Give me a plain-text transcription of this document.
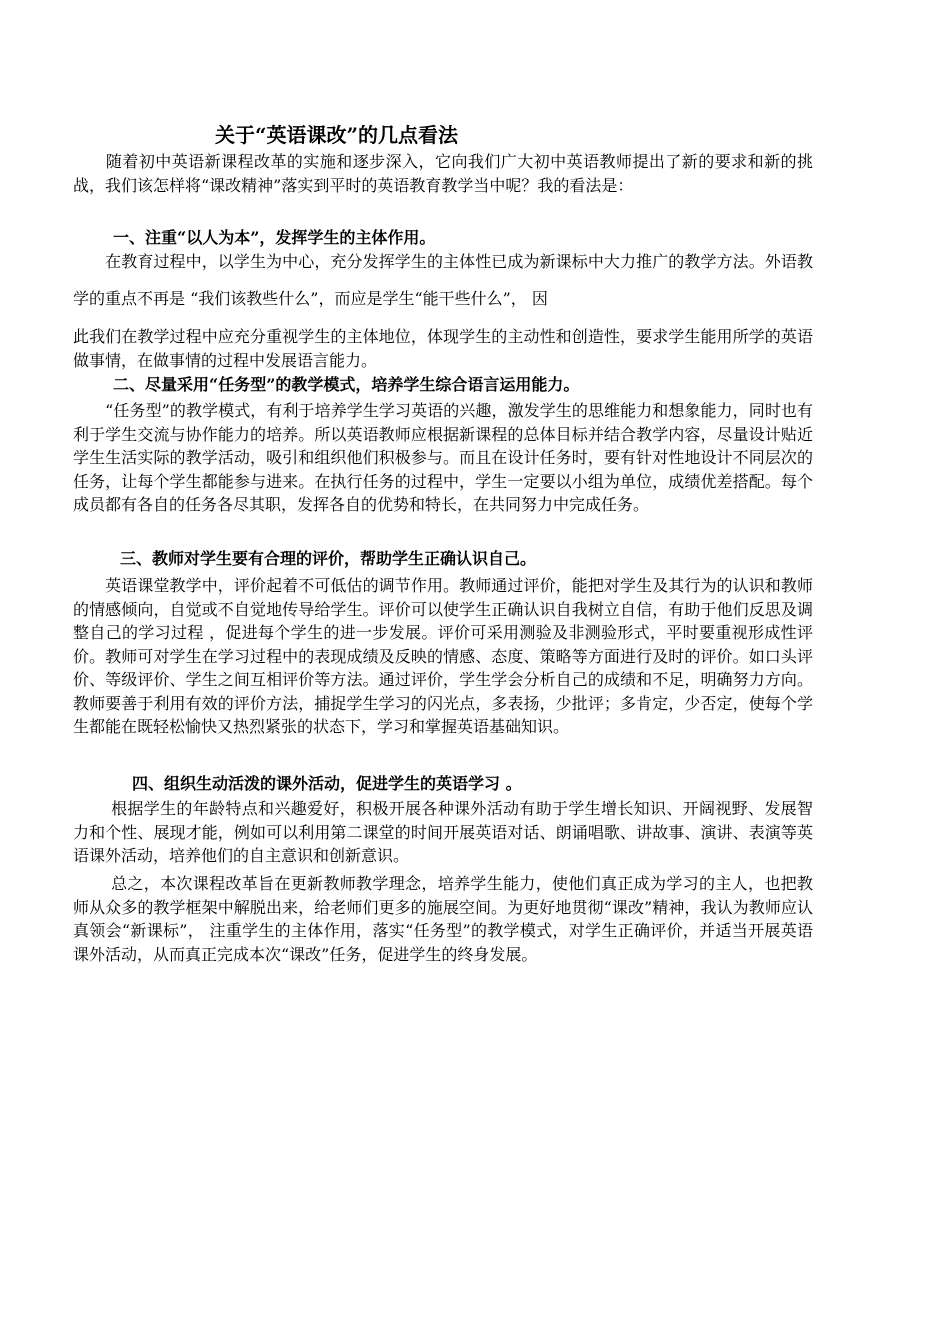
关于“英语课改”的几点看法

　　随着初中英语新课程改革的实施和逐步深入，它向我们广大初中英语教师提出了新的要求和新的挑战，我们该怎样将“课改精神”落实到平时的英语教育教学当中呢？我的看法是：

一、注重“以人为本”，发挥学生的主体作用。

　　在教育过程中，以学生为中心，充分发挥学生的主体性已成为新课标中大力推广的教学方法。外语教学的重点不再是 “我们该教些什么”，而应是学生“能干些什么”， 因

此我们在教学过程中应充分重视学生的主体地位，体现学生的主动性和创造性，要求学生能用所学的英语做事情，在做事情的过程中发展语言能力。

二、尽量采用“任务型”的教学模式，培养学生综合语言运用能力。

　　“任务型”的教学模式，有利于培养学生学习英语的兴趣，激发学生的思维能力和想象能力，同时也有利于学生交流与协作能力的培养。所以英语教师应根据新课程的总体目标并结合教学内容，尽量设计贴近学生生活实际的教学活动，吸引和组织他们积极参与。而且在设计任务时，要有针对性地设计不同层次的任务，让每个学生都能参与进来。在执行任务的过程中，学生一定要以小组为单位，成绩优差搭配。每个成员都有各自的任务各尽其职，发挥各自的优势和特长，在共同努力中完成任务。

三、教师对学生要有合理的评价，帮助学生正确认识自己。

　　英语课堂教学中，评价起着不可低估的调节作用。教师通过评价，能把对学生及其行为的认识和教师的情感倾向，自觉或不自觉地传导给学生。评价可以使学生正确认识自我树立自信，有助于他们反思及调整自己的学习过程 ，促进每个学生的进一步发展。评价可采用测验及非测验形式，平时要重视形成性评价。教师可对学生在学习过程中的表现成绩及反映的情感、态度、策略等方面进行及时的评价。如口头评价、等级评价、学生之间互相评价等方法。通过评价，学生学会分析自己的成绩和不足，明确努力方向。教师要善于利用有效的评价方法，捕捉学生学习的闪光点，多表扬，少批评；多肯定，少否定，使每个学生都能在既轻松愉快又热烈紧张的状态下，学习和掌握英语基础知识。

四、组织生动活泼的课外活动，促进学生的英语学习 。

　　 根据学生的年龄特点和兴趣爱好，积极开展各种课外活动有助于学生增长知识、开阔视野、发展智力和个性、展现才能，例如可以利用第二课堂的时间开展英语对话、朗诵唱歌、讲故事、演讲、表演等英语课外活动，培养他们的自主意识和创新意识。

　　 总之，本次课程改革旨在更新教师教学理念，培养学生能力，使他们真正成为学习的主人，也把教师从众多的教学框架中解脱出来，给老师们更多的施展空间。为更好地贯彻“课改”精神，我认为教师应认真领会“新课标”， 注重学生的主体作用，落实“任务型”的教学模式，对学生正确评价，并适当开展英语课外活动，从而真正完成本次“课改”任务，促进学生的终身发展。
